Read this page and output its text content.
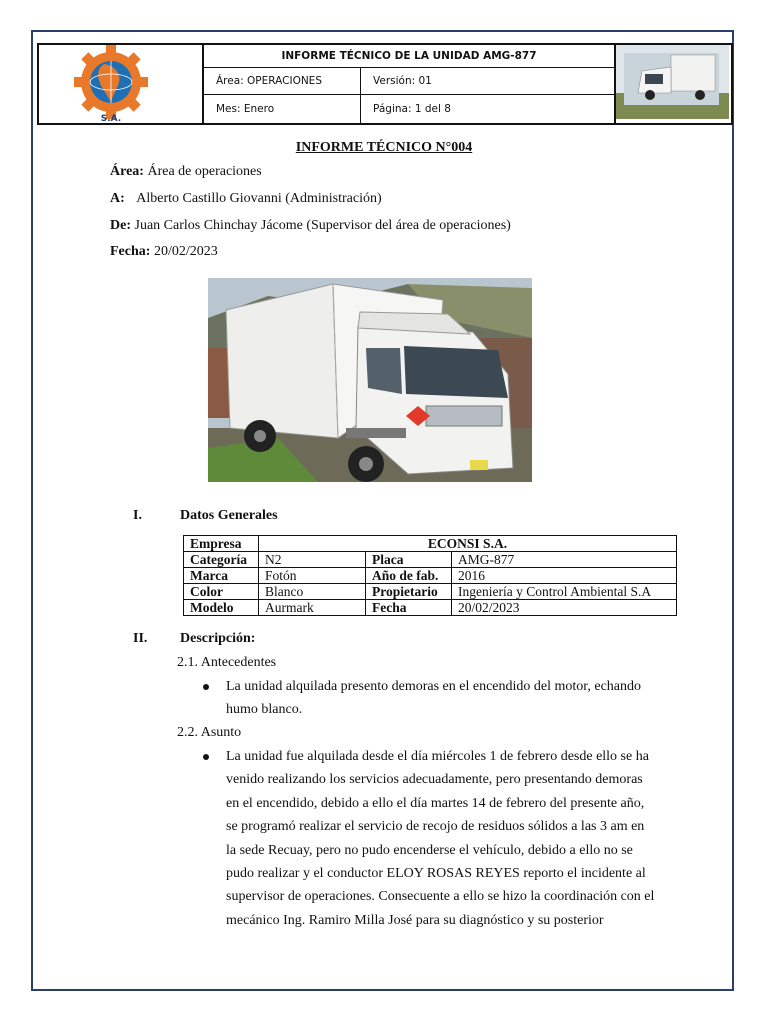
S.A.
INFORME TÉCNICO DE LA UNIDAD AMG-877
Área: OPERACIONES	Versión: 01
Mes: Enero	Página: 1 del 8
INFORME TÉCNICO N°004
Área: Área de operaciones
A: Alberto Castillo Giovanni (Administración)
De: Juan Carlos Chinchay Jácome (Supervisor del área de operaciones)
Fecha: 20/02/2023
I.	Datos Generales
Empresa	ECONSI S.A.		
Categoría	N2	Placa	AMG-877
Marca	Fotón	Año de fab.	2016
Color	Blanco	Propietario	Ingeniería y Control Ambiental S.A
Modelo	Aurmark	Fecha	20/02/2023
II. Descripción:
2.1. Antecedentes
La unidad alquilada presento demoras en el encendido del motor, echando
humo blanco.
2.2. Asunto
La unidad fue alquilada desde el día miércoles 1 de febrero desde ello se ha
venido realizando los servicios adecuadamente, pero presentando demoras
en el encendido, debido a ello el día martes 14 de febrero del presente año,
se programó realizar el servicio de recojo de residuos sólidos a las 3 am en
la sede Recuay, pero no pudo encenderse el vehículo, debido a ello no se
pudo realizar y el conductor ELOY ROSAS REYES reporto el incidente al
supervisor de operaciones. Consecuente a ello se hizo la coordinación con el
mecánico Ing. Ramiro Milla José para su diagnóstico y su posterior
